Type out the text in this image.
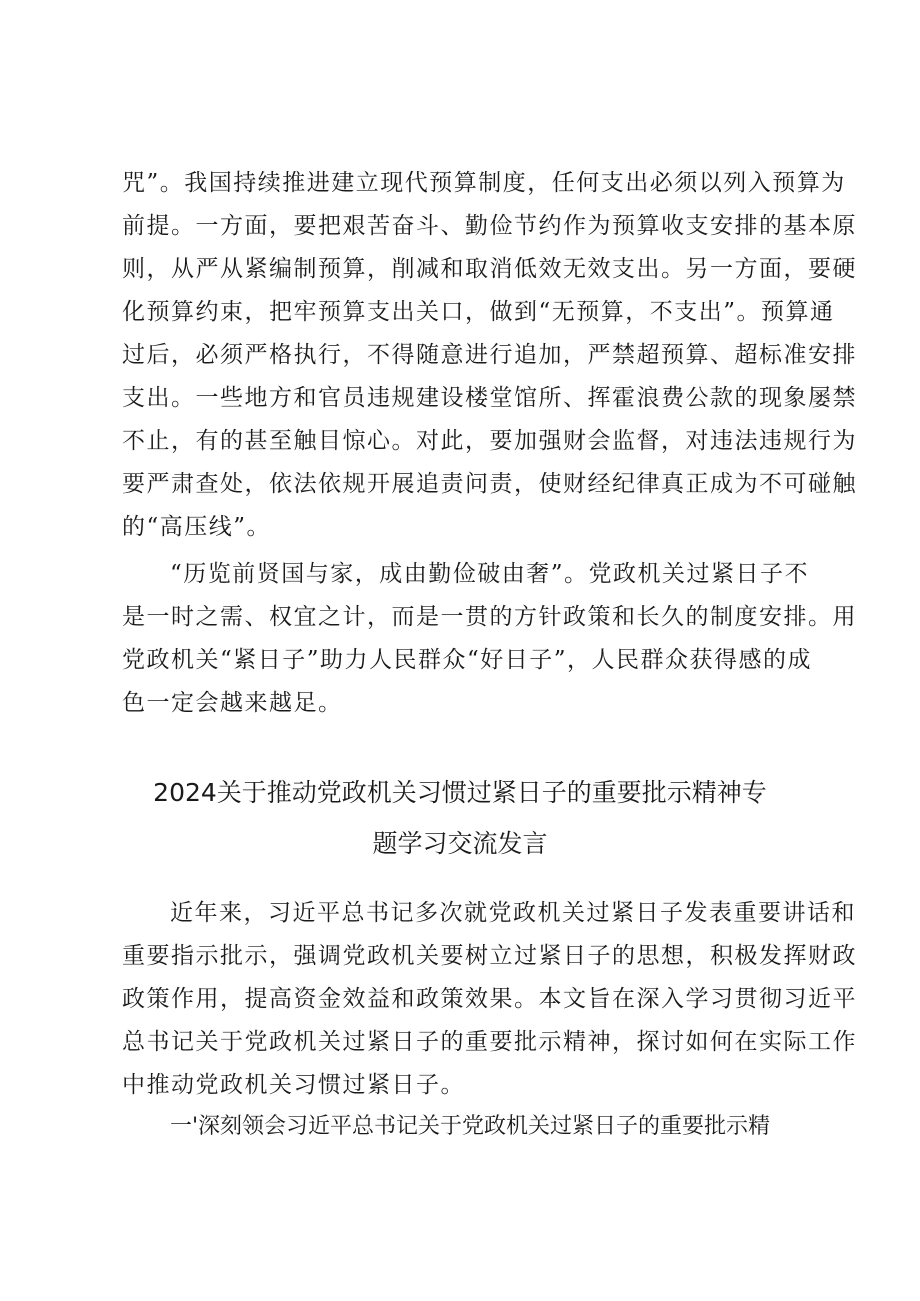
咒”。我国持续推进建立现代预算制度，任何支出必须以列入预算为
前提。一方面，要把艰苦奋斗、勤俭节约作为预算收支安排的基本原
则，从严从紧编制预算，削减和取消低效无效支出。另一方面，要硬
化预算约束，把牢预算支出关口，做到“无预算，不支出”。预算通
过后，必须严格执行，不得随意进行追加，严禁超预算、超标准安排
支出。一些地方和官员违规建设楼堂馆所、挥霍浪费公款的现象屡禁
不止，有的甚至触目惊心。对此，要加强财会监督，对违法违规行为
要严肃查处，依法依规开展追责问责，使财经纪律真正成为不可碰触
的“高压线”。
“历览前贤国与家，成由勤俭破由奢”。党政机关过紧日子不
是一时之需、权宜之计，而是一贯的方针政策和长久的制度安排。用
党政机关“紧日子”助力人民群众“好日子”，人民群众获得感的成
色一定会越来越足。
2024关于推动党政机关习惯过紧日子的重要批示精神专
题学习交流发言
近年来，习近平总书记多次就党政机关过紧日子发表重要讲话和
重要指示批示，强调党政机关要树立过紧日子的思想，积极发挥财政
政策作用，提高资金效益和政策效果。本文旨在深入学习贯彻习近平
总书记关于党政机关过紧日子的重要批示精神，探讨如何在实际工作
中推动党政机关习惯过紧日子。
一'深刻领会习近平总书记关于党政机关过紧日子的重要批示精
